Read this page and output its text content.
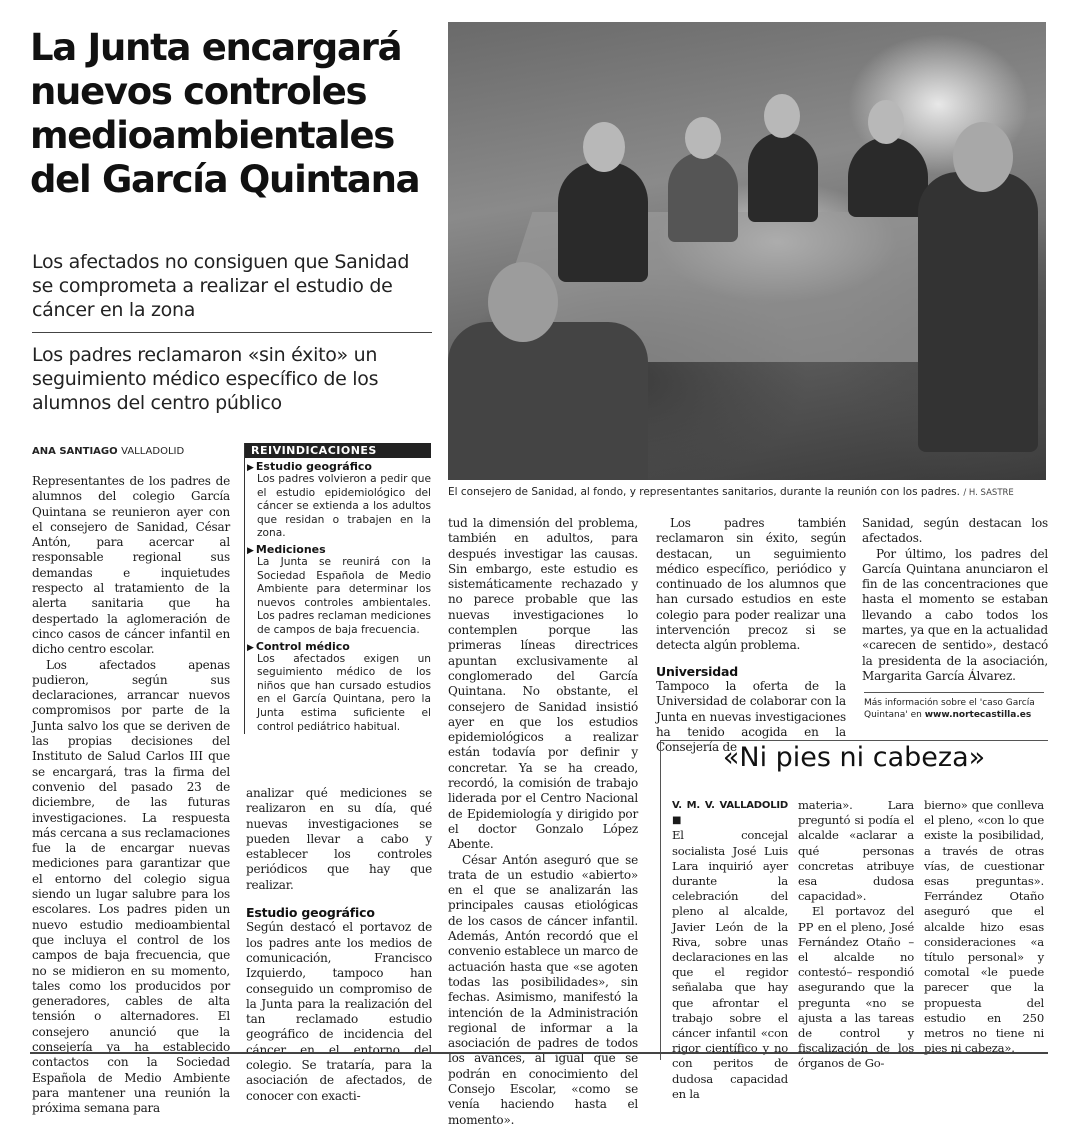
La Junta encargará nuevos controles medioambientales del García Quintana

Los afectados no consiguen que Sanidad se comprometa a realizar el estudio de cáncer en la zona

Los padres reclamaron «sin éxito» un seguimiento médico específico de los alumnos del centro público

El consejero de Sanidad, al fondo, y representantes sanitarios, durante la reunión con los padres. / H. SASTRE

ANA SANTIAGO VALLADOLID

Representantes de los padres de alumnos del colegio García Quintana se reunieron ayer con el consejero de Sanidad, César Antón, para acercar al responsable regional sus demandas e inquietudes respecto al tratamiento de la alerta sanitaria que ha despertado la aglomeración de cinco casos de cáncer infantil en dicho centro escolar.

Los afectados apenas pudieron, según sus declaraciones, arrancar nuevos compromisos por parte de la Junta salvo los que se deriven de las propias decisiones del Instituto de Salud Carlos III que se encargará, tras la firma del convenio del pasado 23 de diciembre, de las futuras investigaciones. La respuesta más cercana a sus reclamaciones fue la de encargar nuevas mediciones para garantizar que el entorno del colegio sigua siendo un lugar salubre para los escolares. Los padres piden un nuevo estudio medioambiental que incluya el control de los campos de baja frecuencia, que no se midieron en su momento, tales como los producidos por generadores, cables de alta tensión o alternadores. El consejero anunció que la consejería ya ha establecido contactos con la Sociedad Española de Medio Ambiente para mantener una reunión la próxima semana para

REIVINDICACIONES
▶ Estudio geográfico
Los padres volvieron a pedir que el estudio epidemiológico del cáncer se extienda a los adultos que residan o trabajen en la zona.
▶ Mediciones
La Junta se reunirá con la Sociedad Española de Medio Ambiente para determinar los nuevos controles ambientales. Los padres reclaman mediciones de campos de baja frecuencia.
▶ Control médico
Los afectados exigen un seguimiento médico de los niños que han cursado estudios en el García Quintana, pero la Junta estima suficiente el control pediátrico habitual.

analizar qué mediciones se realizaron en su día, qué nuevas investigaciones se pueden llevar a cabo y establecer los controles periódicos que hay que realizar.

Estudio geográfico

Según destacó el portavoz de los padres ante los medios de comunicación, Francisco Izquierdo, tampoco han conseguido un compromiso de la Junta para la realización del tan reclamado estudio geográfico de incidencia del cáncer en el entorno del colegio. Se trataría, para la asociación de afectados, de conocer con exacti-

tud la dimensión del problema, también en adultos, para después investigar las causas. Sin embargo, este estudio es sistemáticamente rechazado y no parece probable que las nuevas investigaciones lo contemplen porque las primeras líneas directrices apuntan exclusivamente al conglomerado del García Quintana. No obstante, el consejero de Sanidad insistió ayer en que los estudios epidemiológicos a realizar están todavía por definir y concretar. Ya se ha creado, recordó, la comisión de trabajo liderada por el Centro Nacional de Epidemiología y dirigido por el doctor Gonzalo López Abente.

César Antón aseguró que se trata de un estudio «abierto» en el que se analizarán las principales causas etiológicas de los casos de cáncer infantil. Además, Antón recordó que el convenio establece un marco de actuación hasta que «se agoten todas las posibilidades», sin fechas. Asimismo, manifestó la intención de la Administración regional de informar a la asociación de padres de todos los avances, al igual que se podrán en conocimiento del Consejo Escolar, «como se venía haciendo hasta el momento».

Los padres también reclamaron sin éxito, según destacan, un seguimiento médico específico, periódico y continuado de los alumnos que han cursado estudios en este colegio para poder realizar una intervención precoz si se detecta algún problema.

Universidad

Tampoco la oferta de la Universidad de colaborar con la Junta en nuevas investigaciones ha tenido acogida en la Consejería de

Sanidad, según destacan los afectados.

Por último, los padres del García Quintana anunciaron el fin de las concentraciones que hasta el momento se estaban llevando a cabo todos los martes, ya que en la actualidad «carecen de sentido», destacó la presidenta de la asociación, Margarita García Álvarez.

Más información sobre el 'caso García Quintana' en www.nortecastilla.es

«Ni pies ni cabeza»

V. M. V. VALLADOLID ■

El concejal socialista José Luis Lara inquirió ayer durante la celebración del pleno al alcalde, Javier León de la Riva, sobre unas declaraciones en las que el regidor señalaba que hay que afrontar el trabajo sobre el cáncer infantil «con rigor científico y no con peritos de dudosa capacidad en la

materia». Lara preguntó si podía el alcalde «aclarar a qué personas concretas atribuye esa dudosa capacidad».

El portavoz del PP en el pleno, José Fernández Otaño –el alcalde no contestó– respondió asegurando que la pregunta «no se ajusta a las tareas de control y fiscalización de los órganos de Go-

bierno» que conlleva el pleno, «con lo que existe la posibilidad, a través de otras vías, de cuestionar esas preguntas». Ferrández Otaño aseguró que el alcalde hizo esas consideraciones «a título personal» y comotal «le puede parecer que la propuesta del estudio en 250 metros no tiene ni pies ni cabeza».
